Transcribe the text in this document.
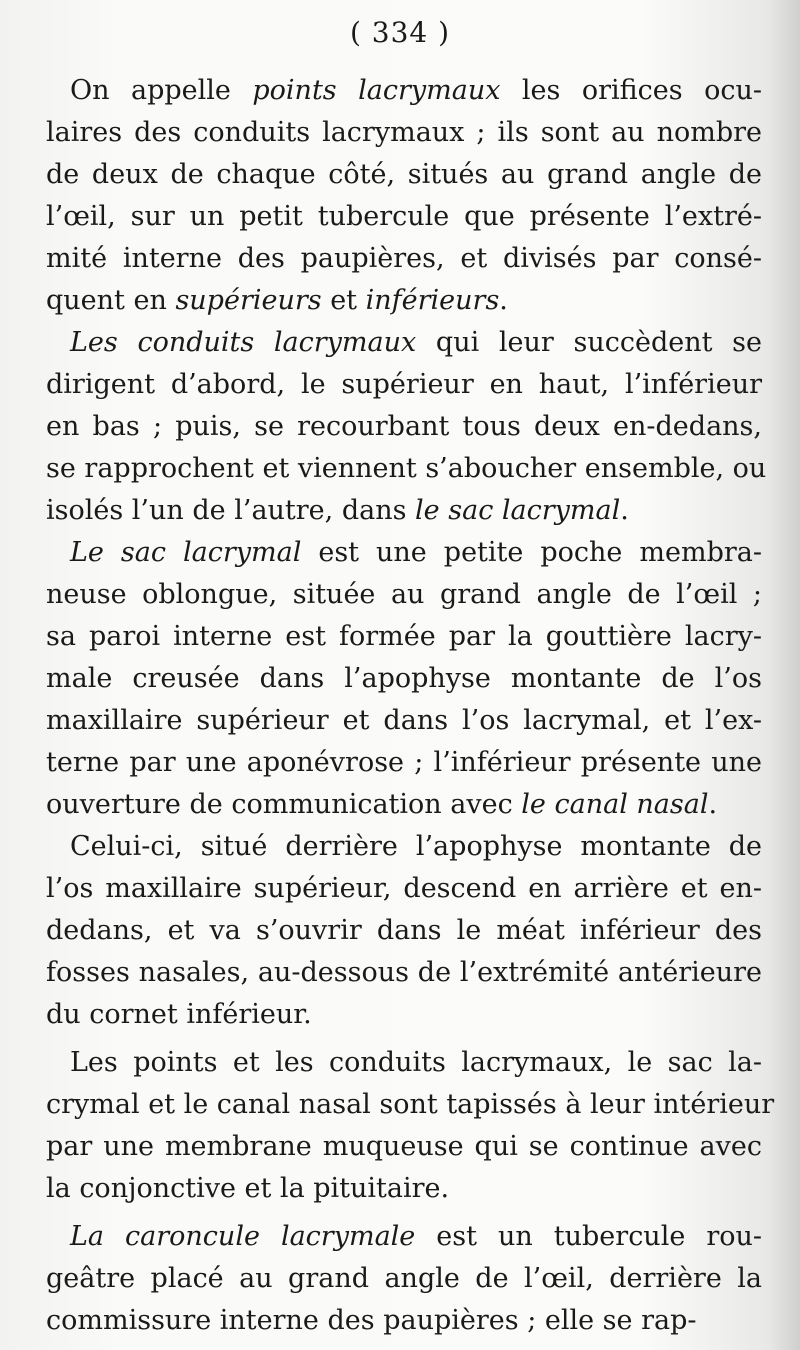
( 334 )
On appelle points lacrymaux les orifices ocu-
laires des conduits lacrymaux ; ils sont au nombre
de deux de chaque côté, situés au grand angle de
l’œil, sur un petit tubercule que présente l’extré-
mité interne des paupières, et divisés par consé-
quent en supérieurs et inférieurs.
Les conduits lacrymaux qui leur succèdent se
dirigent d’abord, le supérieur en haut, l’inférieur
en bas ; puis, se recourbant tous deux en-dedans,
se rapprochent et viennent s’aboucher ensemble, ou
isolés l’un de l’autre, dans le sac lacrymal.
Le sac lacrymal est une petite poche membra-
neuse oblongue, située au grand angle de l’œil ;
sa paroi interne est formée par la gouttière lacry-
male creusée dans l’apophyse montante de l’os
maxillaire supérieur et dans l’os lacrymal, et l’ex-
terne par une aponévrose ; l’inférieur présente une
ouverture de communication avec le canal nasal.
Celui-ci, situé derrière l’apophyse montante de
l’os maxillaire supérieur, descend en arrière et en-
dedans, et va s’ouvrir dans le méat inférieur des
fosses nasales, au-dessous de l’extrémité antérieure
du cornet inférieur.
Les points et les conduits lacrymaux, le sac la-
crymal et le canal nasal sont tapissés à leur intérieur
par une membrane muqueuse qui se continue avec
la conjonctive et la pituitaire.
La caroncule lacrymale est un tubercule rou-
geâtre placé au grand angle de l’œil, derrière la
commissure interne des paupières ; elle se rap-
